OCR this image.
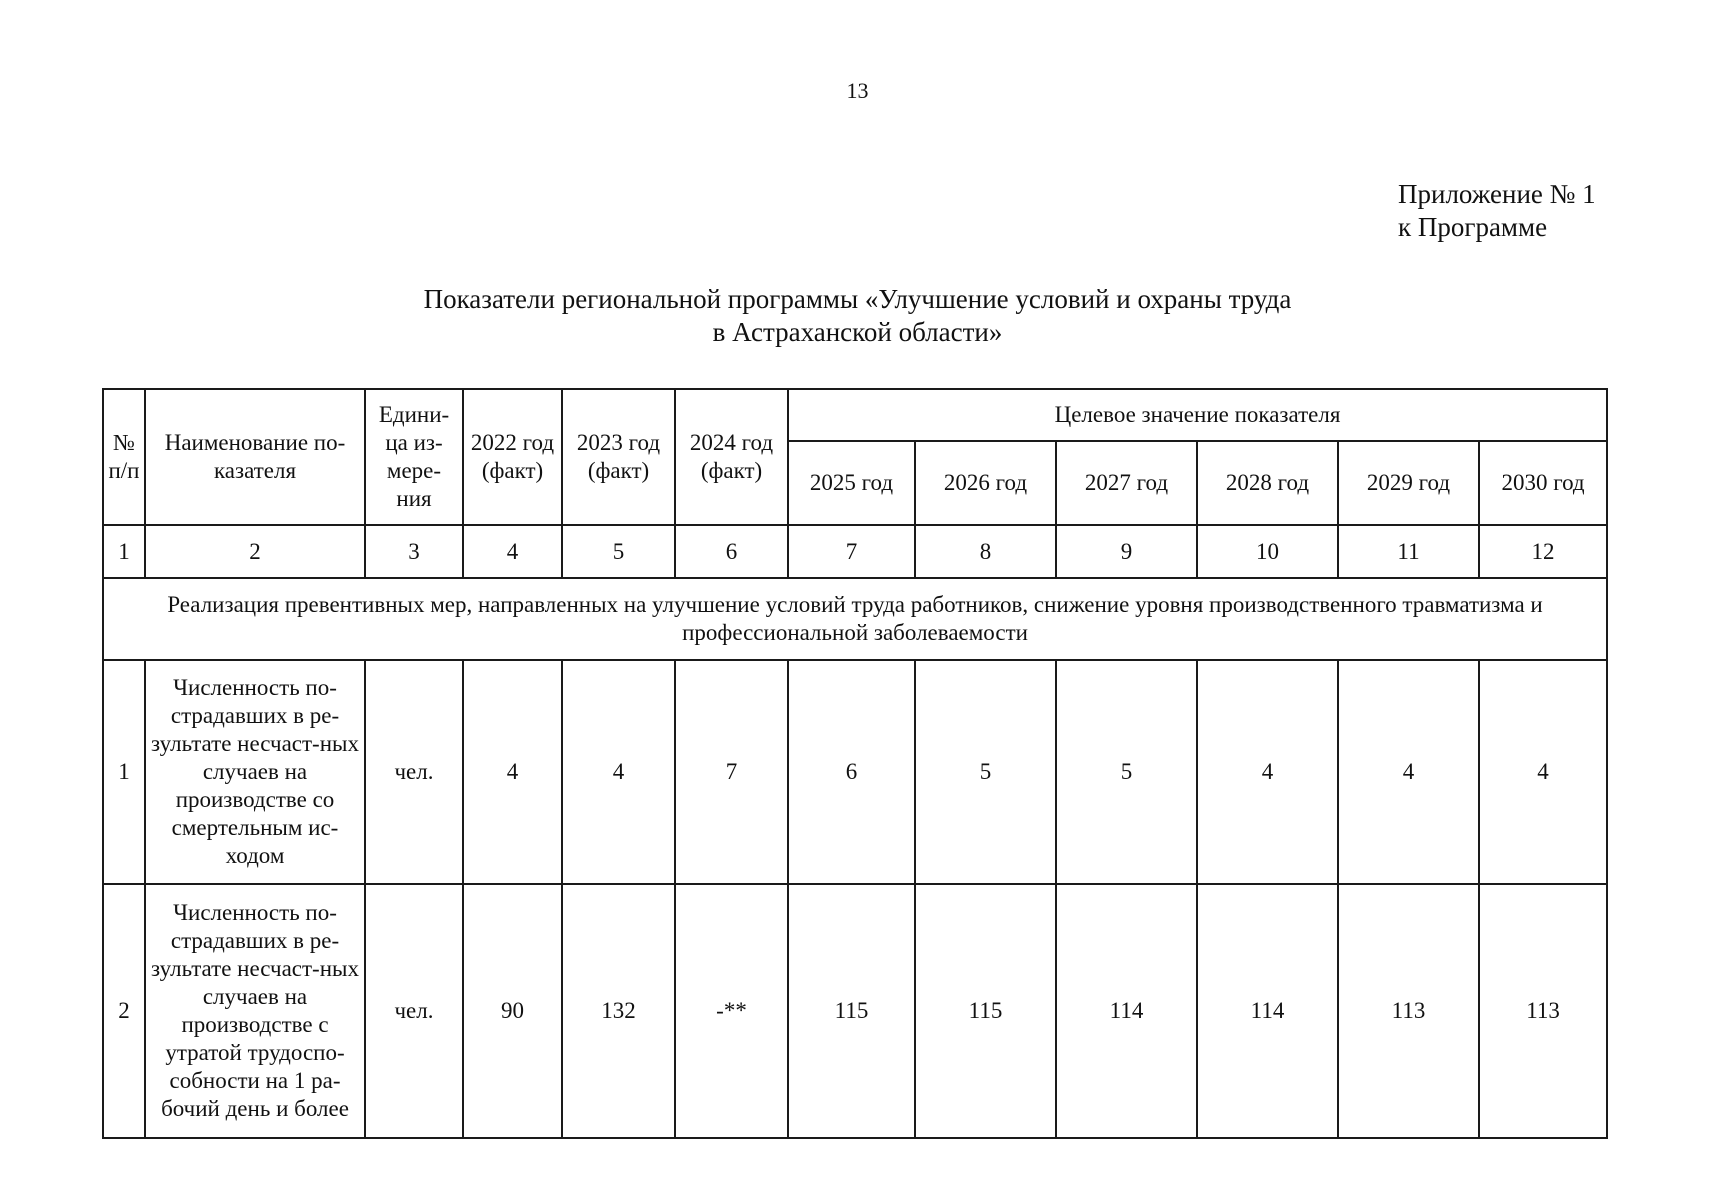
13
Приложение № 1
к Программе
Показатели региональной программы «Улучшение условий и охраны труда
в Астраханской области»
№ п/п	Наименование по-казателя	Едини-ца из-мере-ния	2022 год (факт)	2023 год (факт)	2024 год (факт)	Целевое значение показателя					
						2025 год	2026 год	2027 год	2028 год	2029 год	2030 год
1	2	3	4	5	6	7	8	9	10	11	12
Реализация превентивных мер, направленных на улучшение условий труда работников, снижение уровня производственного травматизма и профессиональной заболеваемости											
1	Численность по-страдавших в ре-зультате несчаст-ных случаев на производстве со смертельным ис-ходом	чел.	4	4	7	6	5	5	4	4	4
2	Численность по-страдавших в ре-зультате несчаст-ных случаев на производстве с утратой трудоспо-собности на 1 ра-бочий день и более	чел.	90	132	-**	115	115	114	114	113	113
